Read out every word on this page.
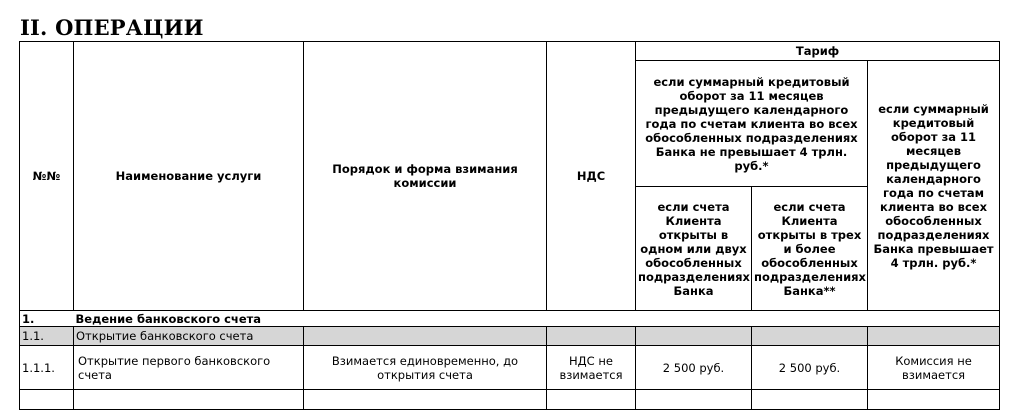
II. ОПЕРАЦИИ
№№	Наименование услуги	Порядок и форма взимания комиссии	НДС	Тариф		
				если суммарный кредитовый оборот за 11 месяцев предыдущего календарного года по счетам клиента во всех обособленных подразделениях Банка не превышает 4 трлн. руб.*		если суммарный кредитовый оборот за 11 месяцев предыдущего календарного года по счетам клиента во всех обособленных подразделениях Банка превышает 4 трлн. руб.*
				если счета Клиента открыты в одном или двух обособленных подразделениях Банка	если счета Клиента открыты в трех и более обособленных подразделениях Банка**	
1.	Ведение банковского счета					
1.1.	Открытие банковского счета					
1.1.1.	Открытие первого банковского счета	Взимается единовременно, до открытия счета	НДС не взимается	2 500 руб.	2 500 руб.	Комиссия не взимается
